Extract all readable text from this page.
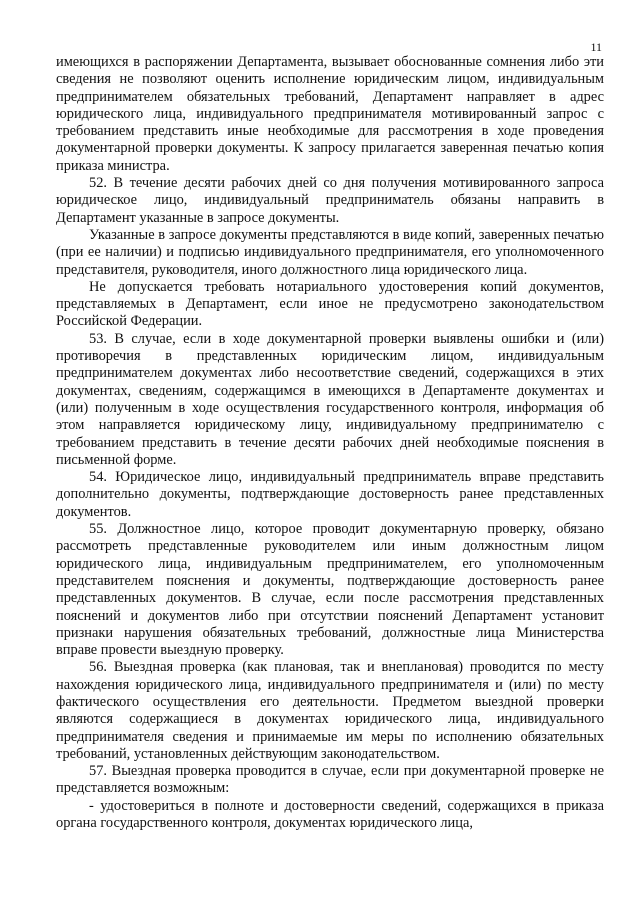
11

имеющихся в распоряжении Департамента, вызывает обоснованные сомнения либо эти сведения не позволяют оценить исполнение юридическим лицом, индивидуальным предпринимателем обязательных требований, Департамент направляет в адрес юридического лица, индивидуального предпринимателя мотивированный запрос с требованием представить иные необходимые для рассмотрения в ходе проведения документарной проверки документы. К запросу прилагается заверенная печатью копия приказа министра.

52. В течение десяти рабочих дней со дня получения мотивированного запроса юридическое лицо, индивидуальный предприниматель обязаны направить в Департамент указанные в запросе документы.

Указанные в запросе документы представляются в виде копий, заверенных печатью (при ее наличии) и подписью индивидуального предпринимателя, его уполномоченного представителя, руководителя, иного должностного лица юридического лица.

Не допускается требовать нотариального удостоверения копий документов, представляемых в Департамент, если иное не предусмотрено законодательством Российской Федерации.

53. В случае, если в ходе документарной проверки выявлены ошибки и (или) противоречия в представленных юридическим лицом, индивидуальным предпринимателем документах либо несоответствие сведений, содержащихся в этих документах, сведениям, содержащимся в имеющихся в Департаменте документах и (или) полученным в ходе осуществления государственного контроля, информация об этом направляется юридическому лицу, индивидуальному предпринимателю с требованием представить в течение десяти рабочих дней необходимые пояснения в письменной форме.

54. Юридическое лицо, индивидуальный предприниматель вправе представить дополнительно документы, подтверждающие достоверность ранее представленных документов.

55. Должностное лицо, которое проводит документарную проверку, обязано рассмотреть представленные руководителем или иным должностным лицом юридического лица, индивидуальным предпринимателем, его уполномоченным представителем пояснения и документы, подтверждающие достоверность ранее представленных документов. В случае, если после рассмотрения представленных пояснений и документов либо при отсутствии пояснений Департамент установит признаки нарушения обязательных требований, должностные лица Министерства вправе провести выездную проверку.

56. Выездная проверка (как плановая, так и внеплановая) проводится по месту нахождения юридического лица, индивидуального предпринимателя и (или) по месту фактического осуществления его деятельности. Предметом выездной проверки являются содержащиеся в документах юридического лица, индивидуального предпринимателя сведения и принимаемые им меры по исполнению обязательных требований, установленных действующим законодательством.

57. Выездная проверка проводится в случае, если при документарной проверке не представляется возможным:

- удостовериться в полноте и достоверности сведений, содержащихся в приказа органа государственного контроля, документах юридического лица,
